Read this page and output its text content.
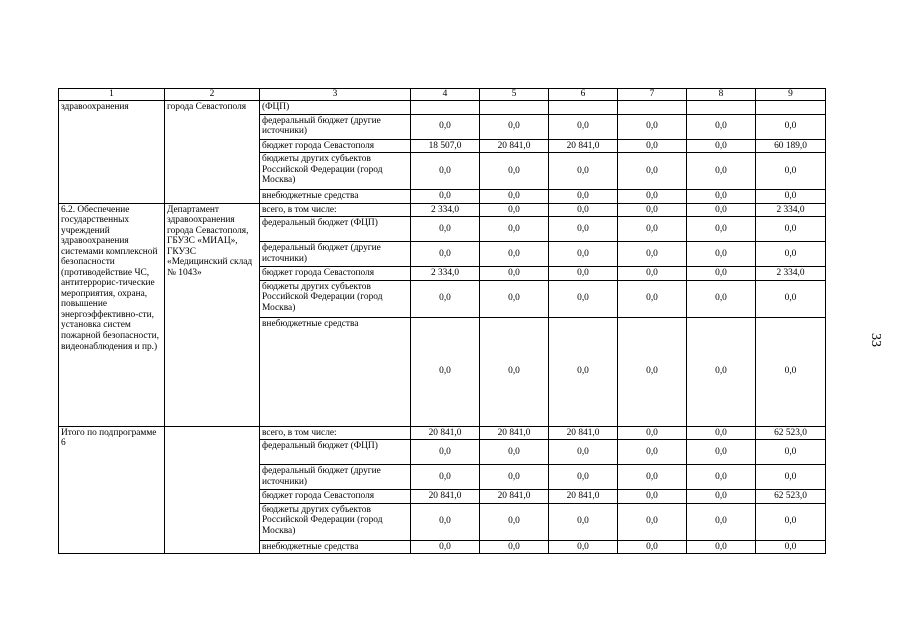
1	2	3	4	5	6	7	8	9
здравоохранения	города Севастополя	(ФЦП)						
		федеральный бюджет (другие источники)	0,0	0,0	0,0	0,0	0,0	0,0
		бюджет города Севастополя	18 507,0	20 841,0	20 841,0	0,0	0,0	60 189,0
		бюджеты других субъектов Российской Федерации (город Москва)	0,0	0,0	0,0	0,0	0,0	0,0
		внебюджетные средства	0,0	0,0	0,0	0,0	0,0	0,0
6.2. Обеспечение государственных учреждений здравоохранения системами комплексной безопасности (противодействие ЧС, антитеррорис-тические мероприятия, охрана, повышение энергоэффективно-сти, установка систем пожарной безопасности, видеонаблюдения и пр.)	Департамент здравоохранения города Севастополя, ГБУЗС «МИАЦ», ГКУЗС «Медицинский склад № 1043»	всего, в том числе:	2 334,0	0,0	0,0	0,0	0,0	2 334,0
		федеральный бюджет (ФЦП)	0,0	0,0	0,0	0,0	0,0	0,0
		федеральный бюджет (другие источники)	0,0	0,0	0,0	0,0	0,0	0,0
		бюджет города Севастополя	2 334,0	0,0	0,0	0,0	0,0	2 334,0
		бюджеты других субъектов Российской Федерации (город Москва)	0,0	0,0	0,0	0,0	0,0	0,0
		внебюджетные средства	0,0	0,0	0,0	0,0	0,0	0,0
Итого по подпрограмме 6		всего, в том числе:	20 841,0	20 841,0	20 841,0	0,0	0,0	62 523,0
		федеральный бюджет (ФЦП)	0,0	0,0	0,0	0,0	0,0	0,0
		федеральный бюджет (другие источники)	0,0	0,0	0,0	0,0	0,0	0,0
		бюджет города Севастополя	20 841,0	20 841,0	20 841,0	0,0	0,0	62 523,0
		бюджеты других субъектов Российской Федерации (город Москва)	0,0	0,0	0,0	0,0	0,0	0,0
		внебюджетные средства	0,0	0,0	0,0	0,0	0,0	0,0
33
